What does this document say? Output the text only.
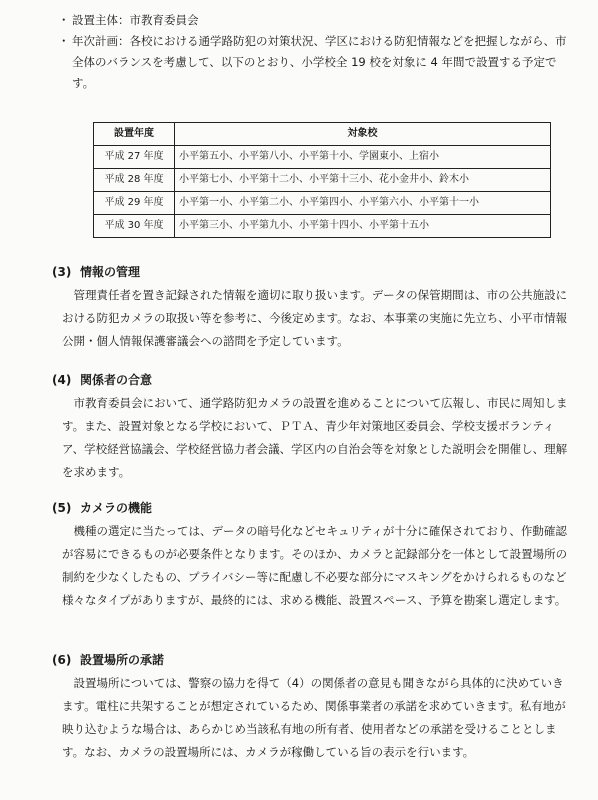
・ 設置主体：市教育委員会
・ 年次計画：各校における通学路防犯の対策状況、学区における防犯情報などを把握しながら、市全体のバランスを考慮して、以下のとおり、小学校全 19 校を対象に 4 年間で設置する予定です。
設置年度	対象校
平成 27 年度	小平第五小、小平第八小、小平第十小、学園東小、上宿小
平成 28 年度	小平第七小、小平第十二小、小平第十三小、花小金井小、鈴木小
平成 29 年度	小平第一小、小平第二小、小平第四小、小平第六小、小平第十一小
平成 30 年度	小平第三小、小平第九小、小平第十四小、小平第十五小
(3) 情報の管理

管理責任者を置き記録された情報を適切に取り扱います。データの保管期間は、市の公共施設における防犯カメラの取扱い等を参考に、今後定めます。なお、本事業の実施に先立ち、小平市情報公開・個人情報保護審議会への諮問を予定しています。

(4) 関係者の合意

市教育委員会において、通学路防犯カメラの設置を進めることについて広報し、市民に周知します。また、設置対象となる学校において、ＰＴＡ、青少年対策地区委員会、学校支援ボランティア、学校経営協議会、学校経営協力者会議、学区内の自治会等を対象とした説明会を開催し、理解を求めます。

(5) カメラの機能

機種の選定に当たっては、データの暗号化などセキュリティが十分に確保されており、作動確認が容易にできるものが必要条件となります。そのほか、カメラと記録部分を一体として設置場所の制約を少なくしたもの、プライバシー等に配慮し不必要な部分にマスキングをかけられるものなど様々なタイプがありますが、最終的には、求める機能、設置スペース、予算を勘案し選定します。

(6) 設置場所の承諾

設置場所については、警察の協力を得て（4）の関係者の意見も聞きながら具体的に決めていきます。電柱に共架することが想定されているため、関係事業者の承諾を求めていきます。私有地が映り込むような場合は、あらかじめ当該私有地の所有者、使用者などの承諾を受けることとします。なお、カメラの設置場所には、カメラが稼働している旨の表示を行います。
